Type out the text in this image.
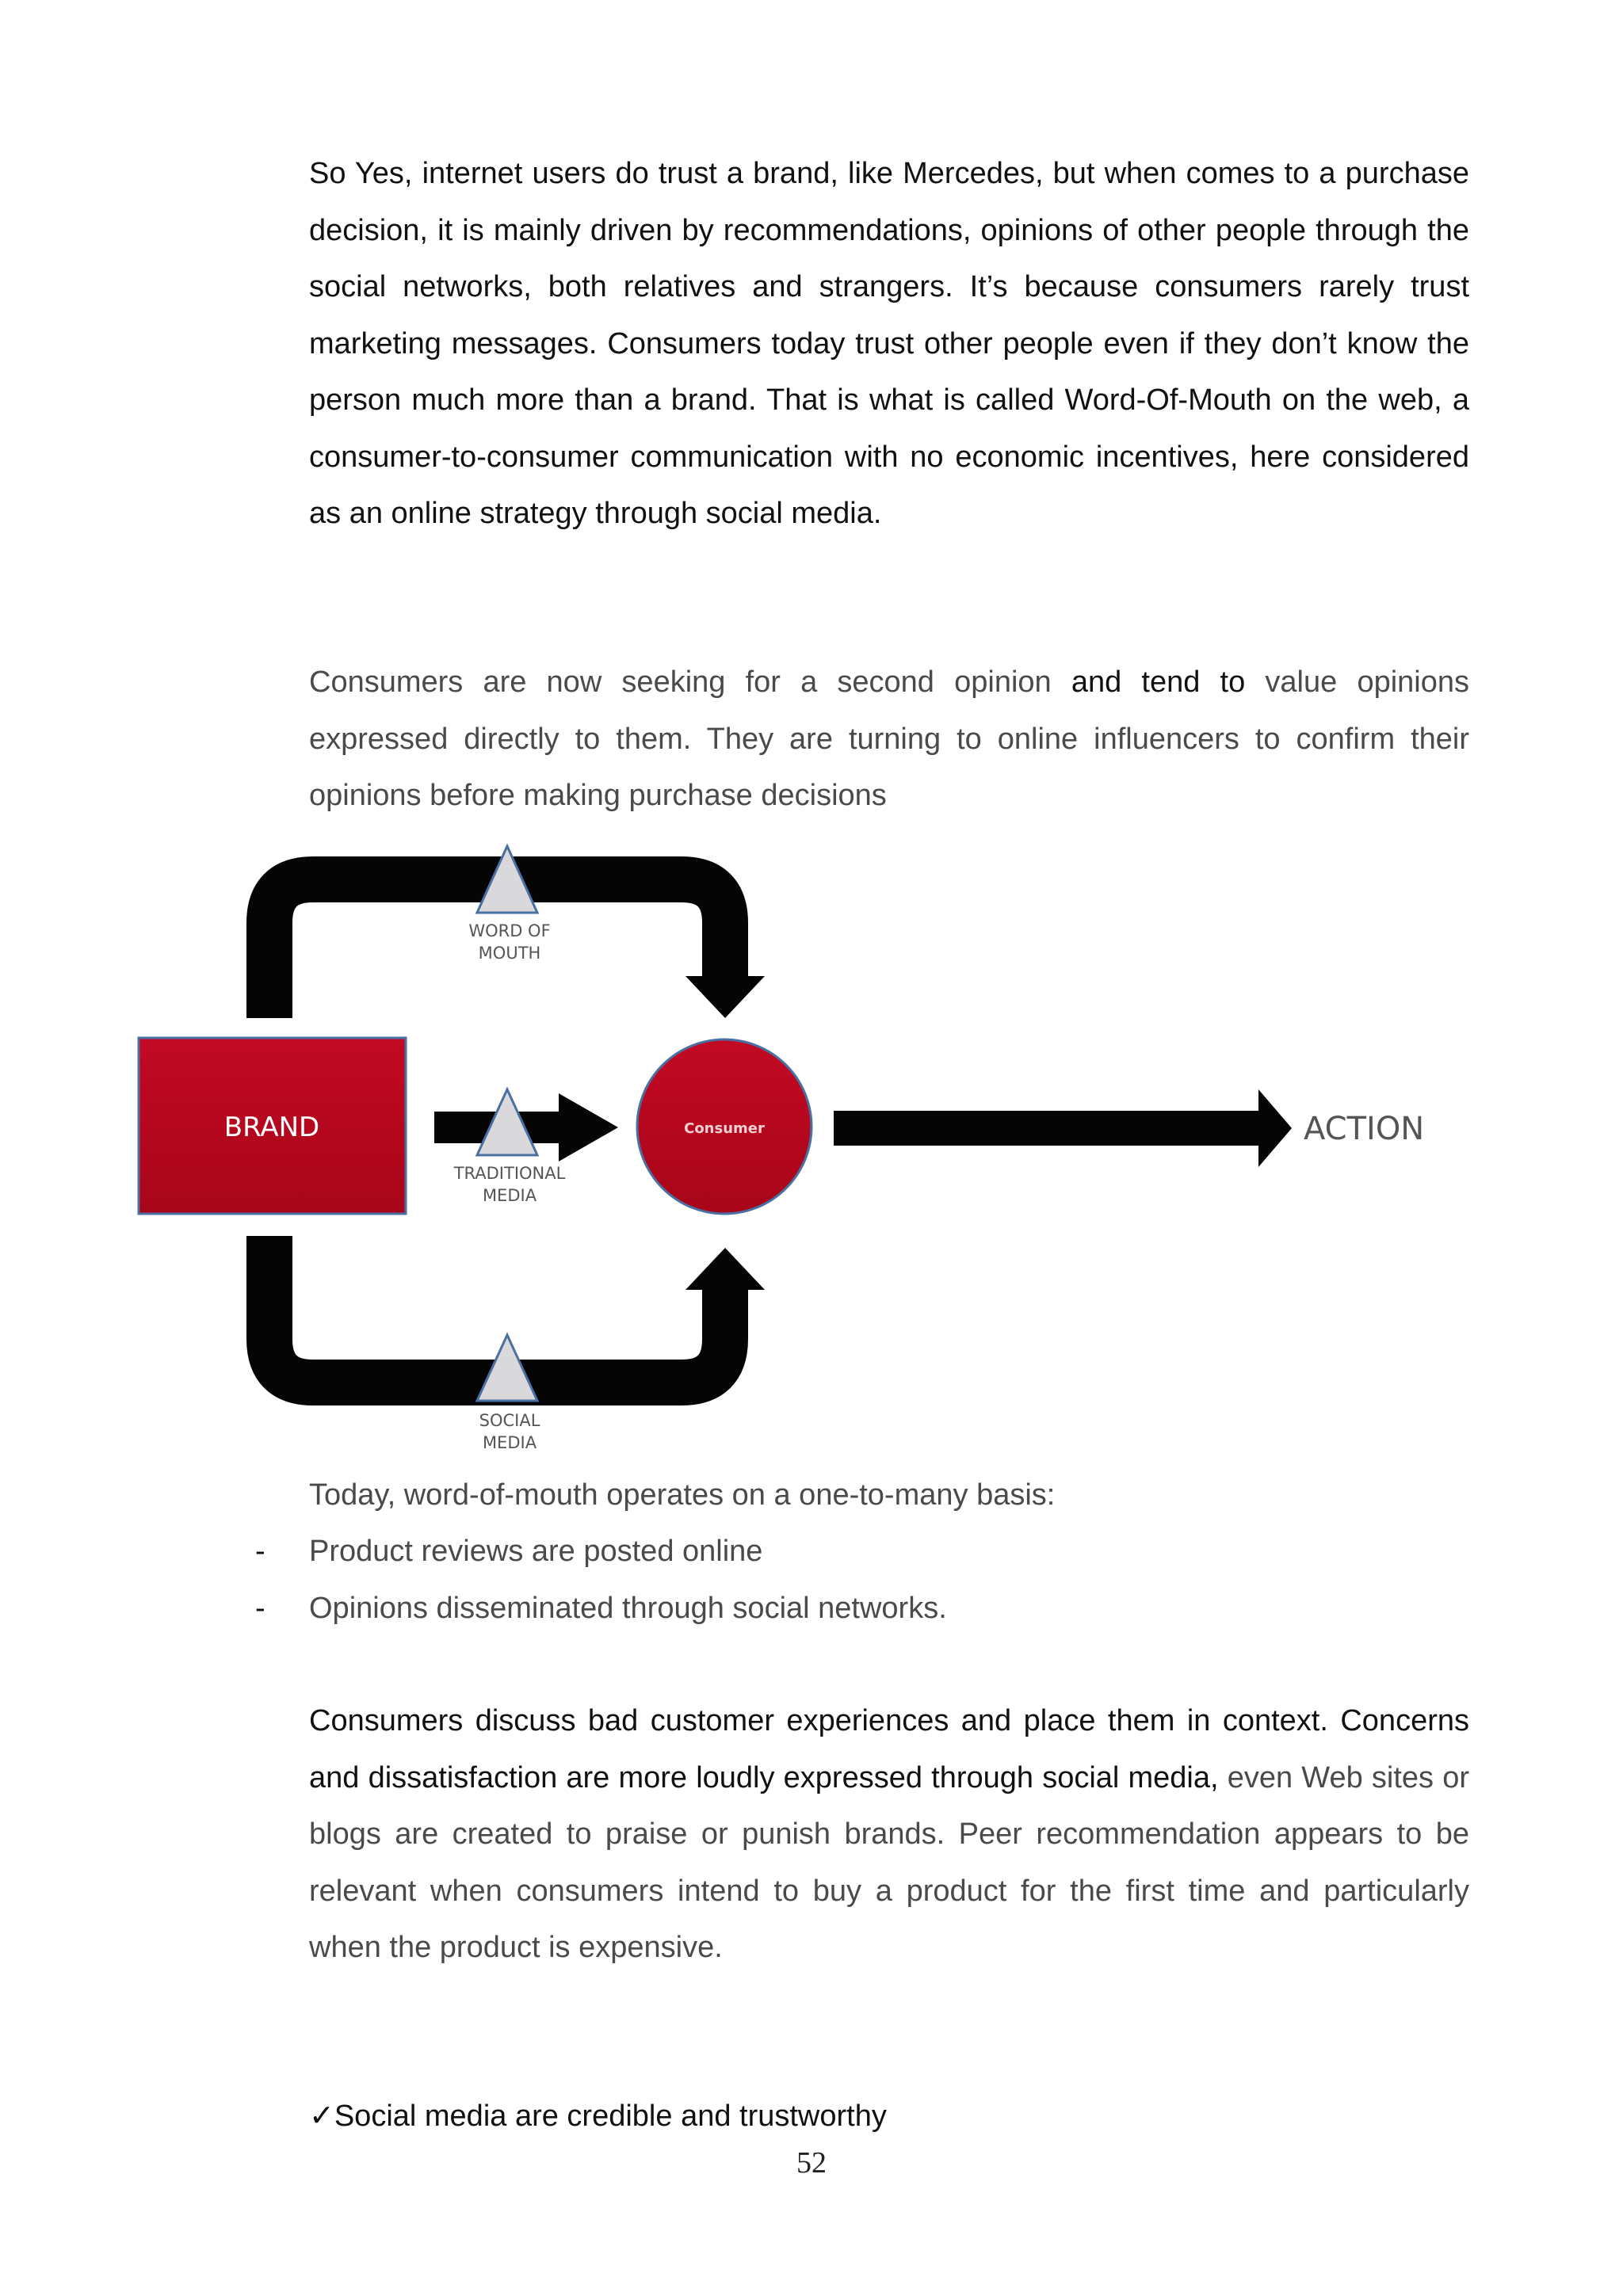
So Yes, internet users do trust a brand, like Mercedes, but when comes to a purchase decision, it is mainly driven by recommendations, opinions of other people through the social networks, both relatives and strangers. It’s because consumers rarely trust marketing messages. Consumers today trust other people even if they don’t know the person much more than a brand. That is what is called Word-Of-Mouth on the web, a consumer-to-consumer communication with no economic incentives, here considered as an online strategy through social media.

Consumers are now seeking for a second opinion and tend to value opinions expressed directly to them. They are turning to online influencers to confirm their opinions before making purchase decisions

BRAND	Consumer	ACTION
WORD OF
MOUTH
TRADITIONAL
MEDIA
SOCIAL
MEDIA

Today, word-of-mouth operates on a one-to-many basis:

- Product reviews are posted online

- Opinions disseminated through social networks.

Consumers discuss bad customer experiences and place them in context. Concerns and dissatisfaction are more loudly expressed through social media, even Web sites or blogs are created to praise or punish brands. Peer recommendation appears to be relevant when consumers intend to buy a product for the first time and particularly when the product is expensive.

✓Social media are credible and trustworthy

52
